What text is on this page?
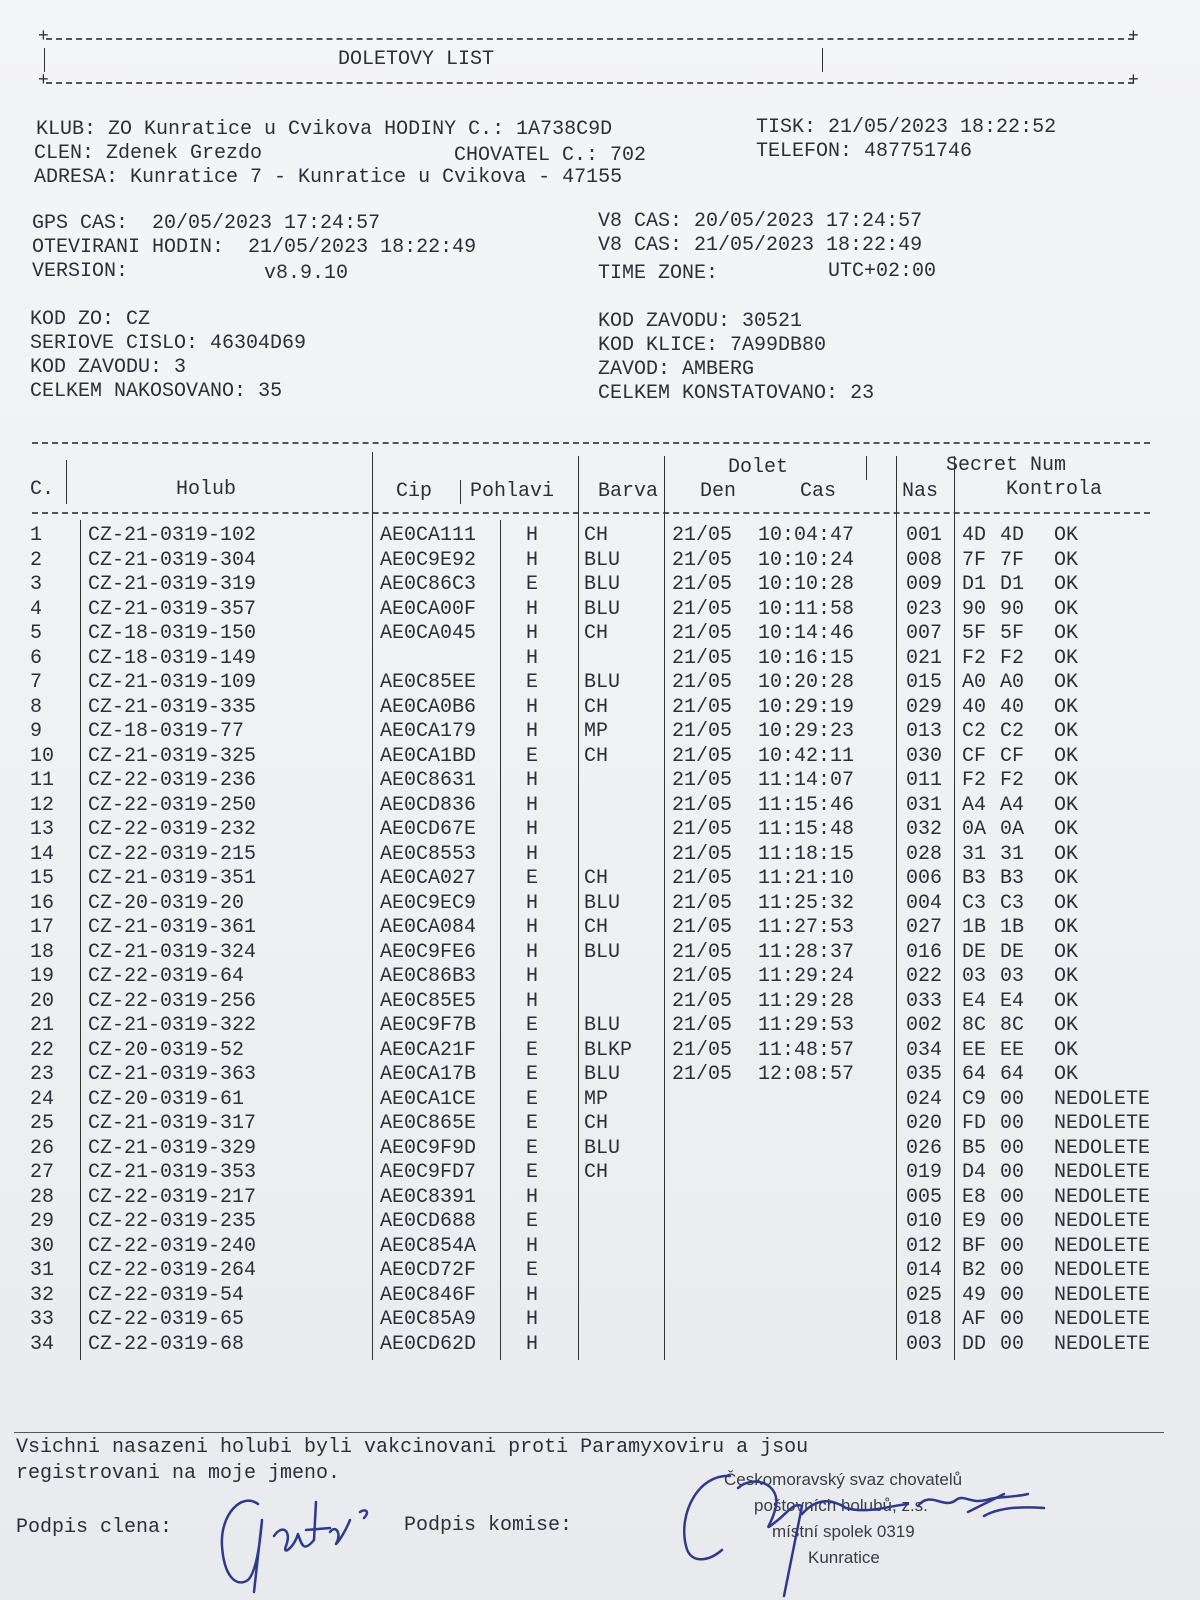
+	+
DOLETOVY LIST
+	+
KLUB: ZO Kunratice u Cvikova HODINY C.: 1A738C9D	TISK: 21/05/2023 18:22:52
CLEN: Zdenek Grezdo	CHOVATEL C.: 702	TELEFON: 487751746
ADRESA: Kunratice 7 - Kunratice u Cvikova - 47155
GPS CAS: 20/05/2023 17:24:57	V8 CAS: 20/05/2023 17:24:57
OTEVIRANI HODIN: 21/05/2023 18:22:49	V8 CAS: 21/05/2023 18:22:49
VERSION:	v8.9.10	TIME ZONE:	UTC+02:00
KOD ZO: CZ	KOD ZAVODU: 30521
SERIOVE CISLO: 46304D69	KOD KLICE: 7A99DB80
KOD ZAVODU: 3	ZAVOD: AMBERG
CELKEM NAKOSOVANO: 35	CELKEM KONSTATOVANO: 23
C.	Holub	Cip Pohlavi Barva
Dolet
Den	Cas	Nas
Secret Num
Kontrola
1 CZ-21-0319-102	AE0CA111 H CH	21/05 10:04:47	001 4D 4D OK
2 CZ-21-0319-304	AE0C9E92 H BLU	21/05 10:10:24	008 7F 7F OK
3 CZ-21-0319-319	AE0C86C3 E BLU	21/05 10:10:28	009 D1 D1 OK
4 CZ-21-0319-357	AE0CA00F H BLU	21/05 10:11:58	023 90 90 OK
5 CZ-18-0319-150	AE0CA045 H CH	21/05 10:14:46	007 5F 5F OK
6 CZ-18-0319-149	H	21/05 10:16:15	021 F2 F2 OK
7 CZ-21-0319-109	AE0C85EE E BLU	21/05 10:20:28	015 A0 A0 OK
8 CZ-21-0319-335	AE0CA0B6 H CH	21/05 10:29:19	029 40 40 OK
9 CZ-18-0319-77	AE0CA179 H MP	21/05 10:29:23	013 C2 C2 OK
10 CZ-21-0319-325	AE0CA1BD E CH	21/05 10:42:11	030 CF CF OK
11 CZ-22-0319-236	AE0C8631 H	21/05 11:14:07	011 F2 F2 OK
12 CZ-22-0319-250	AE0CD836 H	21/05 11:15:46	031 A4 A4 OK
13 CZ-22-0319-232	AE0CD67E H	21/05 11:15:48	032 0A 0A OK
14 CZ-22-0319-215	AE0C8553 H	21/05 11:18:15	028 31 31 OK
15 CZ-21-0319-351	AE0CA027 E CH	21/05 11:21:10	006 B3 B3 OK
16 CZ-20-0319-20	AE0C9EC9 H BLU	21/05 11:25:32	004 C3 C3 OK
17 CZ-21-0319-361	AE0CA084 H CH	21/05 11:27:53	027 1B 1B OK
18 CZ-21-0319-324	AE0C9FE6 H BLU	21/05 11:28:37	016 DE DE OK
19 CZ-22-0319-64	AE0C86B3 H	21/05 11:29:24	022 03 03 OK
20 CZ-22-0319-256	AE0C85E5 H	21/05 11:29:28	033 E4 E4 OK
21 CZ-21-0319-322	AE0C9F7B E BLU	21/05 11:29:53	002 8C 8C OK
22 CZ-20-0319-52	AE0CA21F E BLKP 21/05 11:48:57	034 EE EE OK
23 CZ-21-0319-363	AE0CA17B E BLU	21/05 12:08:57	035 64 64 OK
24 CZ-20-0319-61	AE0CA1CE E MP	024 C9 00 NEDOLETE
25 CZ-21-0319-317	AE0C865E E CH	020 FD 00 NEDOLETE
26 CZ-21-0319-329	AE0C9F9D E BLU	026 B5 00 NEDOLETE
27 CZ-21-0319-353	AE0C9FD7 E CH	019 D4 00 NEDOLETE
28 CZ-22-0319-217	AE0C8391 H	005 E8 00 NEDOLETE
29 CZ-22-0319-235	AE0CD688 E	010 E9 00 NEDOLETE
30 CZ-22-0319-240	AE0C854A H	012 BF 00 NEDOLETE
31 CZ-22-0319-264	AE0CD72F E	014 B2 00 NEDOLETE
32 CZ-22-0319-54	AE0C846F H	025 49 00 NEDOLETE
33 CZ-22-0319-65	AE0C85A9 H	018 AF 00 NEDOLETE
34 CZ-22-0319-68	AE0CD62D H	003 DD 00 NEDOLETE
Vsichni nasazeni holubi byli vakcinovani proti Paramyxoviru a jsou
registrovani na moje jmeno.
Podpis clena:	Podpis komise:
Českomoravský svaz chovatelů
poštovních holubů, z.s.
místní spolek 0319
Kunratice
